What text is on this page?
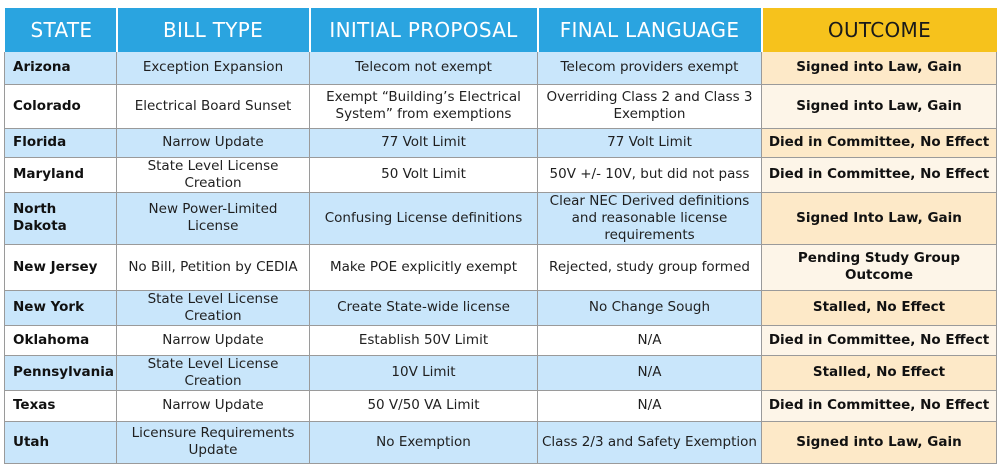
STATE	BILL TYPE	INITIAL PROPOSAL	FINAL LANGUAGE	OUTCOME
Arizona	Exception Expansion	Telecom not exempt	Telecom providers exempt	Signed into Law, Gain
Colorado	Electrical Board Sunset	Exempt “Building’s Electrical System” from exemptions	Overriding Class 2 and Class 3 Exemption	Signed into Law, Gain
Florida	Narrow Update	77 Volt Limit	77 Volt Limit	Died in Committee, No Effect
Maryland	State Level License Creation	50 Volt Limit	50V +/- 10V, but did not pass	Died in Committee, No Effect
North Dakota	New Power-Limited License	Confusing License definitions	Clear NEC Derived definitions and reasonable license requirements	Signed Into Law, Gain
New Jersey	No Bill, Petition by CEDIA	Make POE explicitly exempt	Rejected, study group formed	Pending Study Group Outcome
New York	State Level License Creation	Create State-wide license	No Change Sough	Stalled, No Effect
Oklahoma	Narrow Update	Establish 50V Limit	N/A	Died in Committee, No Effect
Pennsylvania	State Level License Creation	10V Limit	N/A	Stalled, No Effect
Texas	Narrow Update	50 V/50 VA Limit	N/A	Died in Committee, No Effect
Utah	Licensure Requirements Update	No Exemption	Class 2/3 and Safety Exemption	Signed into Law, Gain
